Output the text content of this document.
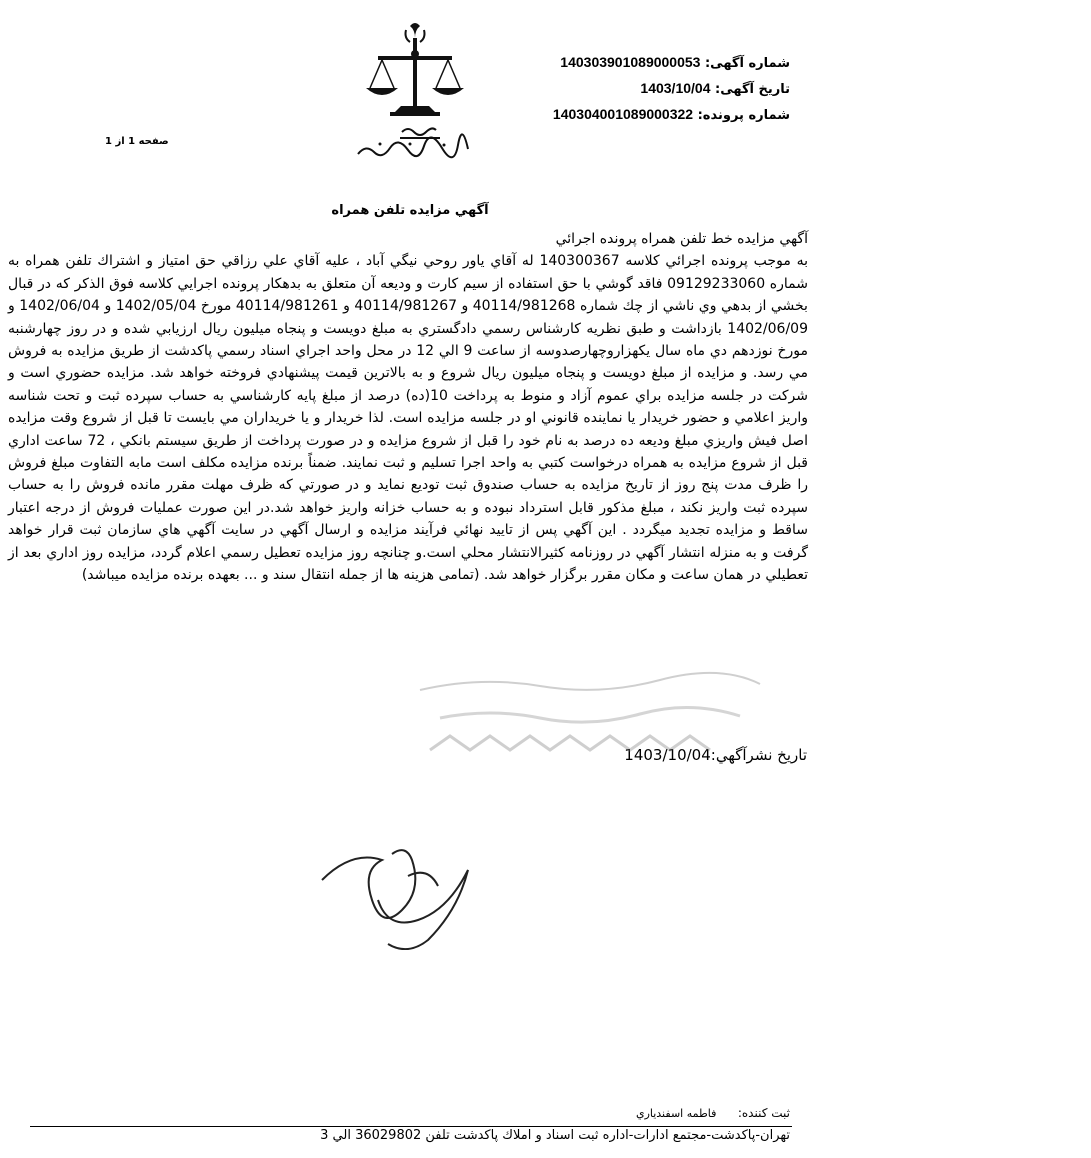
شماره آگهی: 140303901089000053
تاریخ آگهی: 1403/10/04
شماره پرونده: 140304001089000322
صفحه 1 از 1
آگهي مزايده تلفن همراه

آگهي مزايده خط تلفن همراه پرونده اجرائي

به موجب پرونده اجرائي كلاسه 140300367 له آقاي ياور روحي نيگي آباد ، عليه آقاي علي رزاقي حق امتياز و اشتراك تلفن همراه به شماره 09129233060 فاقد گوشي با حق استفاده از سيم كارت و وديعه آن متعلق به بدهكار پرونده اجرايي كلاسه فوق الذكر كه در قبال بخشي از بدهي وي ناشي از چك شماره 40114/981268 و 40114/981267 و 40114/981261 مورخ 1402/05/04 و 1402/06/04 و 1402/06/09 بازداشت و طبق نظريه كارشناس رسمي دادگستري به مبلغ دويست و پنجاه ميليون ريال ارزيابي شده و در روز چهارشنبه مورخ نوزدهم دي ماه سال يكهزاروچهارصدوسه از ساعت 9 الي 12 در محل واحد اجراي اسناد رسمي پاكدشت از طريق مزايده به فروش مي رسد. و مزايده از مبلغ دويست و پنجاه ميليون ريال شروع و به بالاترين قيمت پيشنهادي فروخته خواهد شد. مزايده حضوري است و شركت در جلسه مزايده براي عموم آزاد و منوط به پرداخت 10(ده) درصد از مبلغ پايه كارشناسي به حساب سپرده ثبت و تحت شناسه واريز اعلامي و حضور خريدار يا نماينده قانوني او در جلسه مزايده است. لذا خريدار و يا خريداران مي بايست تا قبل از شروع وقت مزايده اصل فيش واريزي مبلغ وديعه ده درصد به نام خود را قبل از شروع مزايده و در صورت پرداخت از طريق سيستم بانكي ، 72 ساعت اداري قبل از شروع مزايده به همراه درخواست كتبي به واحد اجرا تسليم و ثبت نمايند. ضمناً برنده مزايده مكلف است مابه التفاوت مبلغ فروش را ظرف مدت پنج روز از تاريخ مزايده به حساب صندوق ثبت توديع نمايد و در صورتي كه ظرف مهلت مقرر مانده فروش را به حساب سپرده ثبت واريز نكند ، مبلغ مذكور قابل استرداد نبوده و به حساب خزانه واريز خواهد شد.در اين صورت عمليات فروش از درجه اعتبار ساقط و مزايده تجديد ميگردد . اين آگهي پس از تاييد نهائي فرآيند مزايده و ارسال آگهي در سايت آگهي هاي سازمان ثبت قرار خواهد گرفت و به منزله انتشار آگهي در روزنامه كثيرالانتشار محلي است.و چنانچه روز مزايده تعطيل رسمي اعلام گردد، مزايده روز اداري بعد از تعطيلي در همان ساعت و مكان مقرر برگزار خواهد شد. (تمامی هزینه ها از جمله انتقال سند و ... بعهده برنده مزايده ميباشد)

تاريخ نشرآگهي:1403/10/04
ثبت كننده: فاطمه اسفندياري
تهران-پاكدشت-مجتمع ادارات-اداره ثبت اسناد و املاك پاكدشت تلفن 36029802 الي 3
